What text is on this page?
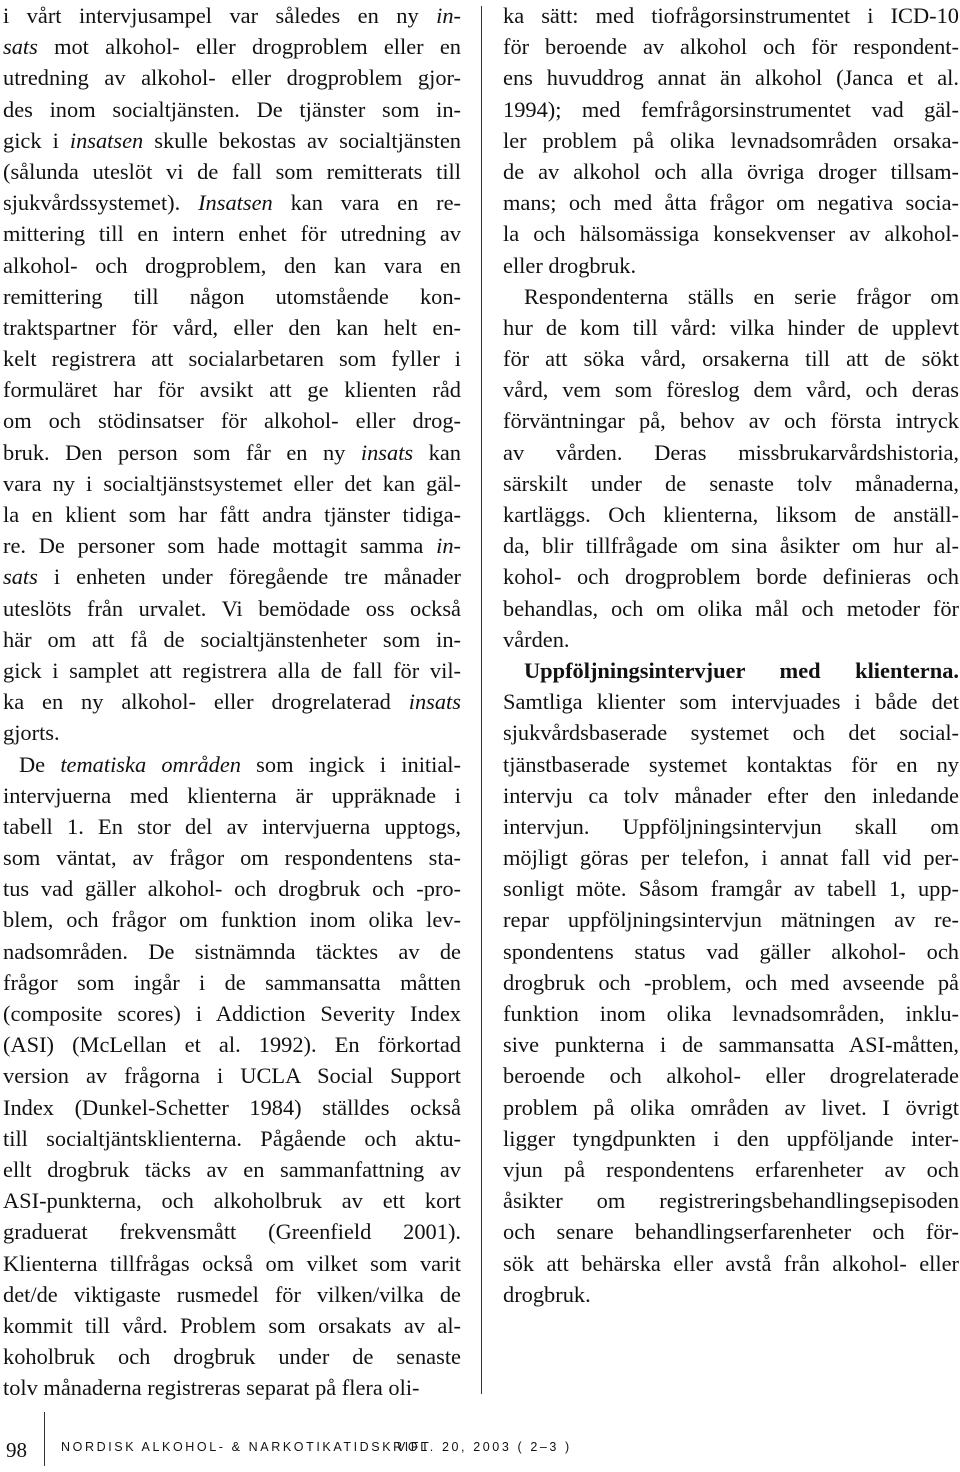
i vårt intervjusampel var således en ny in-
sats mot alkohol- eller drogproblem eller en
utredning av alkohol- eller drogproblem gjor-
des inom socialtjänsten. De tjänster som in-
gick i insatsen skulle bekostas av socialtjänsten
(sålunda uteslöt vi de fall som remitterats till
sjukvårdssystemet). Insatsen kan vara en re-
mittering till en intern enhet för utredning av
alkohol- och drogproblem, den kan vara en
remittering till någon utomstående kon-
traktspartner för vård, eller den kan helt en-
kelt registrera att socialarbetaren som fyller i
formuläret har för avsikt att ge klienten råd
om och stödinsatser för alkohol- eller drog-
bruk. Den person som får en ny insats kan
vara ny i socialtjänstsystemet eller det kan gäl-
la en klient som har fått andra tjänster tidiga-
re. De personer som hade mottagit samma in-
sats i enheten under föregående tre månader
uteslöts från urvalet. Vi bemödade oss också
här om att få de socialtjänstenheter som in-
gick i samplet att registrera alla de fall för vil-
ka en ny alkohol- eller drogrelaterad insats
gjorts.
De tematiska områden som ingick i initial-
intervjuerna med klienterna är uppräknade i
tabell 1. En stor del av intervjuerna upptogs,
som väntat, av frågor om respondentens sta-
tus vad gäller alkohol- och drogbruk och -pro-
blem, och frågor om funktion inom olika lev-
nadsområden. De sistnämnda täcktes av de
frågor som ingår i de sammansatta måtten
(composite scores) i Addiction Severity Index
(ASI) (McLellan et al. 1992). En förkortad
version av frågorna i UCLA Social Support
Index (Dunkel-Schetter 1984) ställdes också
till socialtjäntsklienterna. Pågående och aktu-
ellt drogbruk täcks av en sammanfattning av
ASI-punkterna, och alkoholbruk av ett kort
graduerat frekvensmått (Greenfield 2001).
Klienterna tillfrågas också om vilket som varit
det/de viktigaste rusmedel för vilken/vilka de
kommit till vård. Problem som orsakats av al-
koholbruk och drogbruk under de senaste
tolv månaderna registreras separat på flera oli-
ka sätt: med tiofrågorsinstrumentet i ICD-10
för beroende av alkohol och för respondent-
ens huvuddrog annat än alkohol (Janca et al.
1994); med femfrågorsinstrumentet vad gäl-
ler problem på olika levnadsområden orsaka-
de av alkohol och alla övriga droger tillsam-
mans; och med åtta frågor om negativa socia-
la och hälsomässiga konsekvenser av alkohol-
eller drogbruk.
Respondenterna ställs en serie frågor om
hur de kom till vård: vilka hinder de upplevt
för att söka vård, orsakerna till att de sökt
vård, vem som föreslog dem vård, och deras
förväntningar på, behov av och första intryck
av vården. Deras missbrukarvårdshistoria,
särskilt under de senaste tolv månaderna,
kartläggs. Och klienterna, liksom de anställ-
da, blir tillfrågade om sina åsikter om hur al-
kohol- och drogproblem borde definieras och
behandlas, och om olika mål och metoder för
vården.
Uppföljningsintervjuer med klienterna.
Samtliga klienter som intervjuades i både det
sjukvårdsbaserade systemet och det social-
tjänstbaserade systemet kontaktas för en ny
intervju ca tolv månader efter den inledande
intervjun. Uppföljningsintervjun skall om
möjligt göras per telefon, i annat fall vid per-
sonligt möte. Såsom framgår av tabell 1, upp-
repar uppföljningsintervjun mätningen av re-
spondentens status vad gäller alkohol- och
drogbruk och -problem, och med avseende på
funktion inom olika levnadsområden, inklu-
sive punkterna i de sammansatta ASI-måtten,
beroende och alkohol- eller drogrelaterade
problem på olika områden av livet. I övrigt
ligger tyngdpunkten i den uppföljande inter-
vjun på respondentens erfarenheter av och
åsikter om registreringsbehandlingsepisoden
och senare behandlingserfarenheter och för-
sök att behärska eller avstå från alkohol- eller
drogbruk.
98	NORDISK ALKOHOL- & NARKOTIKATIDSKRIFT
VOL. 20, 2003 ( 2–3 )
